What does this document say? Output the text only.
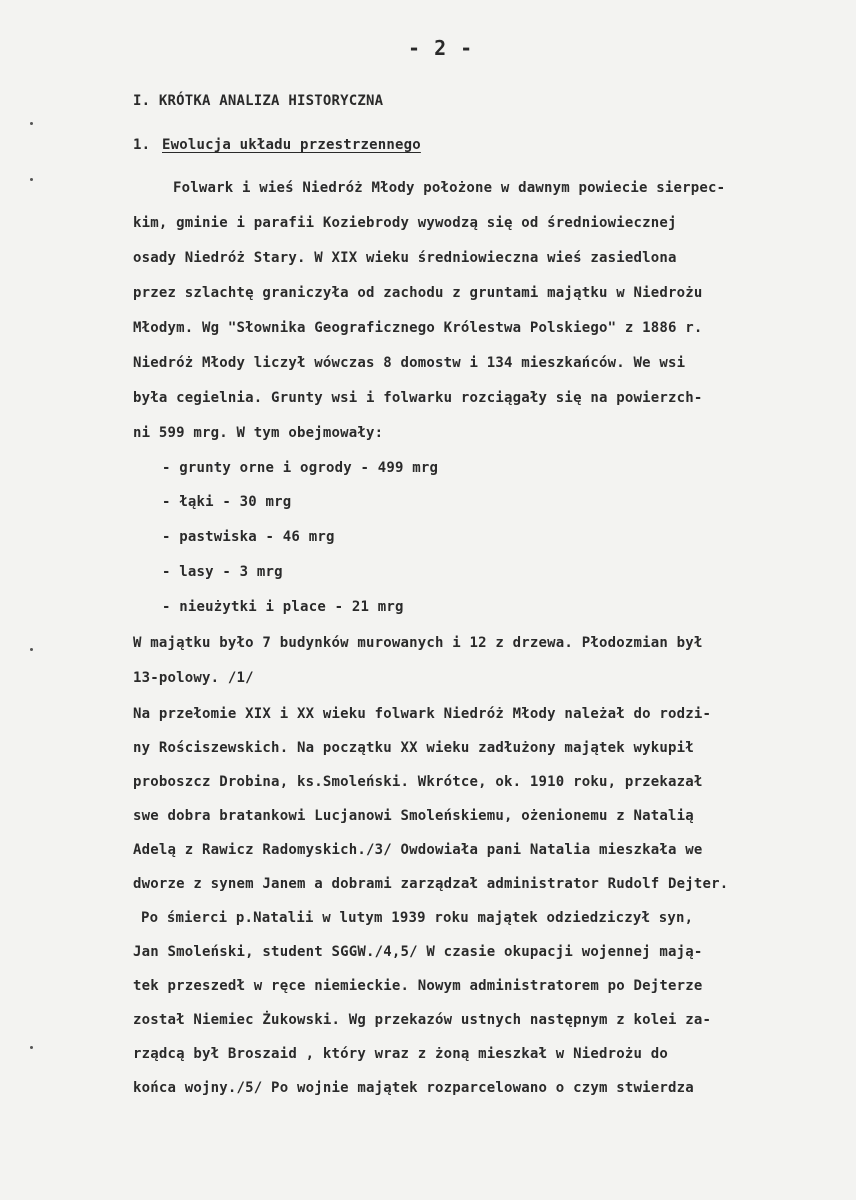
- 2 -
I. KRÓTKA ANALIZA HISTORYCZNA
1. Ewolucja układu przestrzennego
Folwark i wieś Niedróż Młody położone w dawnym powiecie sierpec-
kim, gminie i parafii Koziebrody wywodzą się od średniowiecznej
osady Niedróż Stary. W XIX wieku średniowieczna wieś zasiedlona
przez szlachtę graniczyła od zachodu z gruntami majątku w Niedrożu
Młodym. Wg "Słownika Geograficznego Królestwa Polskiego" z 1886 r.
Niedróż Młody liczył wówczas 8 domostw i 134 mieszkańców. We wsi
była cegielnia. Grunty wsi i folwarku rozciągały się na powierzch-
ni 599 mrg. W tym obejmowały:
- grunty orne i ogrody - 499 mrg
- łąki - 30 mrg
- pastwiska - 46 mrg
- lasy - 3 mrg
- nieużytki i place - 21 mrg
W majątku było 7 budynków murowanych i 12 z drzewa. Płodozmian był
13-polowy. /1/
Na przełomie XIX i XX wieku folwark Niedróż Młody należał do rodzi-
ny Rościszewskich. Na początku XX wieku zadłużony majątek wykupił
proboszcz Drobina, ks.Smoleński. Wkrótce, ok. 1910 roku, przekazał
swe dobra bratankowi Lucjanowi Smoleńskiemu, ożenionemu z Natalią
Adelą z Rawicz Radomyskich./3/ Owdowiała pani Natalia mieszkała we
dworze z synem Janem a dobrami zarządzał administrator Rudolf Dejter.
Po śmierci p.Natalii w lutym 1939 roku majątek odziedziczył syn,
Jan Smoleński, student SGGW./4,5/ W czasie okupacji wojennej mają-
tek przeszedł w ręce niemieckie. Nowym administratorem po Dejterze
został Niemiec Żukowski. Wg przekazów ustnych następnym z kolei za-
rządcą był Broszaid , który wraz z żoną mieszkał w Niedrożu do
końca wojny./5/ Po wojnie majątek rozparcelowano o czym stwierdza
